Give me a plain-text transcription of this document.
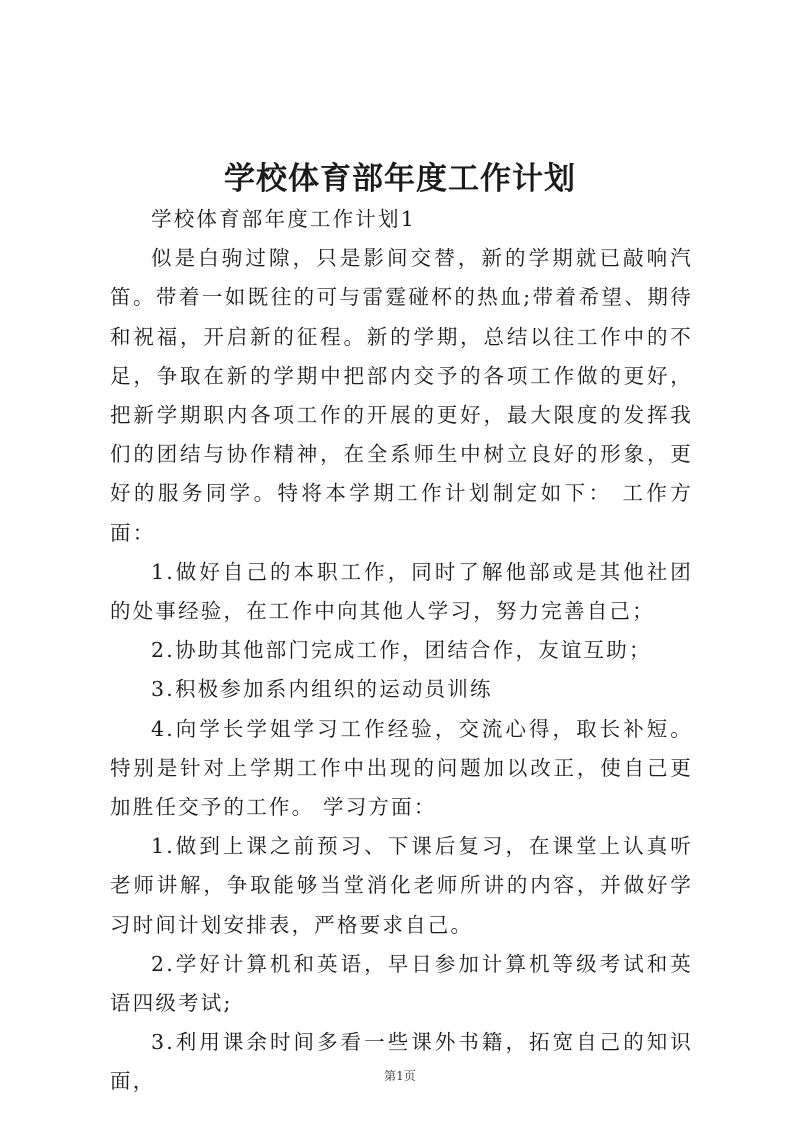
学校体育部年度工作计划

学校体育部年度工作计划1

似是白驹过隙，只是影间交替，新的学期就已敲响汽笛。带着一如既往的可与雷霆碰杯的热血;带着希望、期待和祝福，开启新的征程。新的学期，总结以往工作中的不足，争取在新的学期中把部内交予的各项工作做的更好，把新学期职内各项工作的开展的更好，最大限度的发挥我们的团结与协作精神，在全系师生中树立良好的形象，更好的服务同学。特将本学期工作计划制定如下： 工作方面：

1.做好自己的本职工作，同时了解他部或是其他社团的处事经验，在工作中向其他人学习，努力完善自己；

2.协助其他部门完成工作，团结合作，友谊互助；

3.积极参加系内组织的运动员训练

4.向学长学姐学习工作经验，交流心得，取长补短。特别是针对上学期工作中出现的问题加以改正，使自己更加胜任交予的工作。 学习方面：

1.做到上课之前预习、下课后复习，在课堂上认真听老师讲解，争取能够当堂消化老师所讲的内容，并做好学习时间计划安排表，严格要求自己。

2.学好计算机和英语，早日参加计算机等级考试和英语四级考试;

3.利用课余时间多看一些课外书籍，拓宽自己的知识面，	第1页
